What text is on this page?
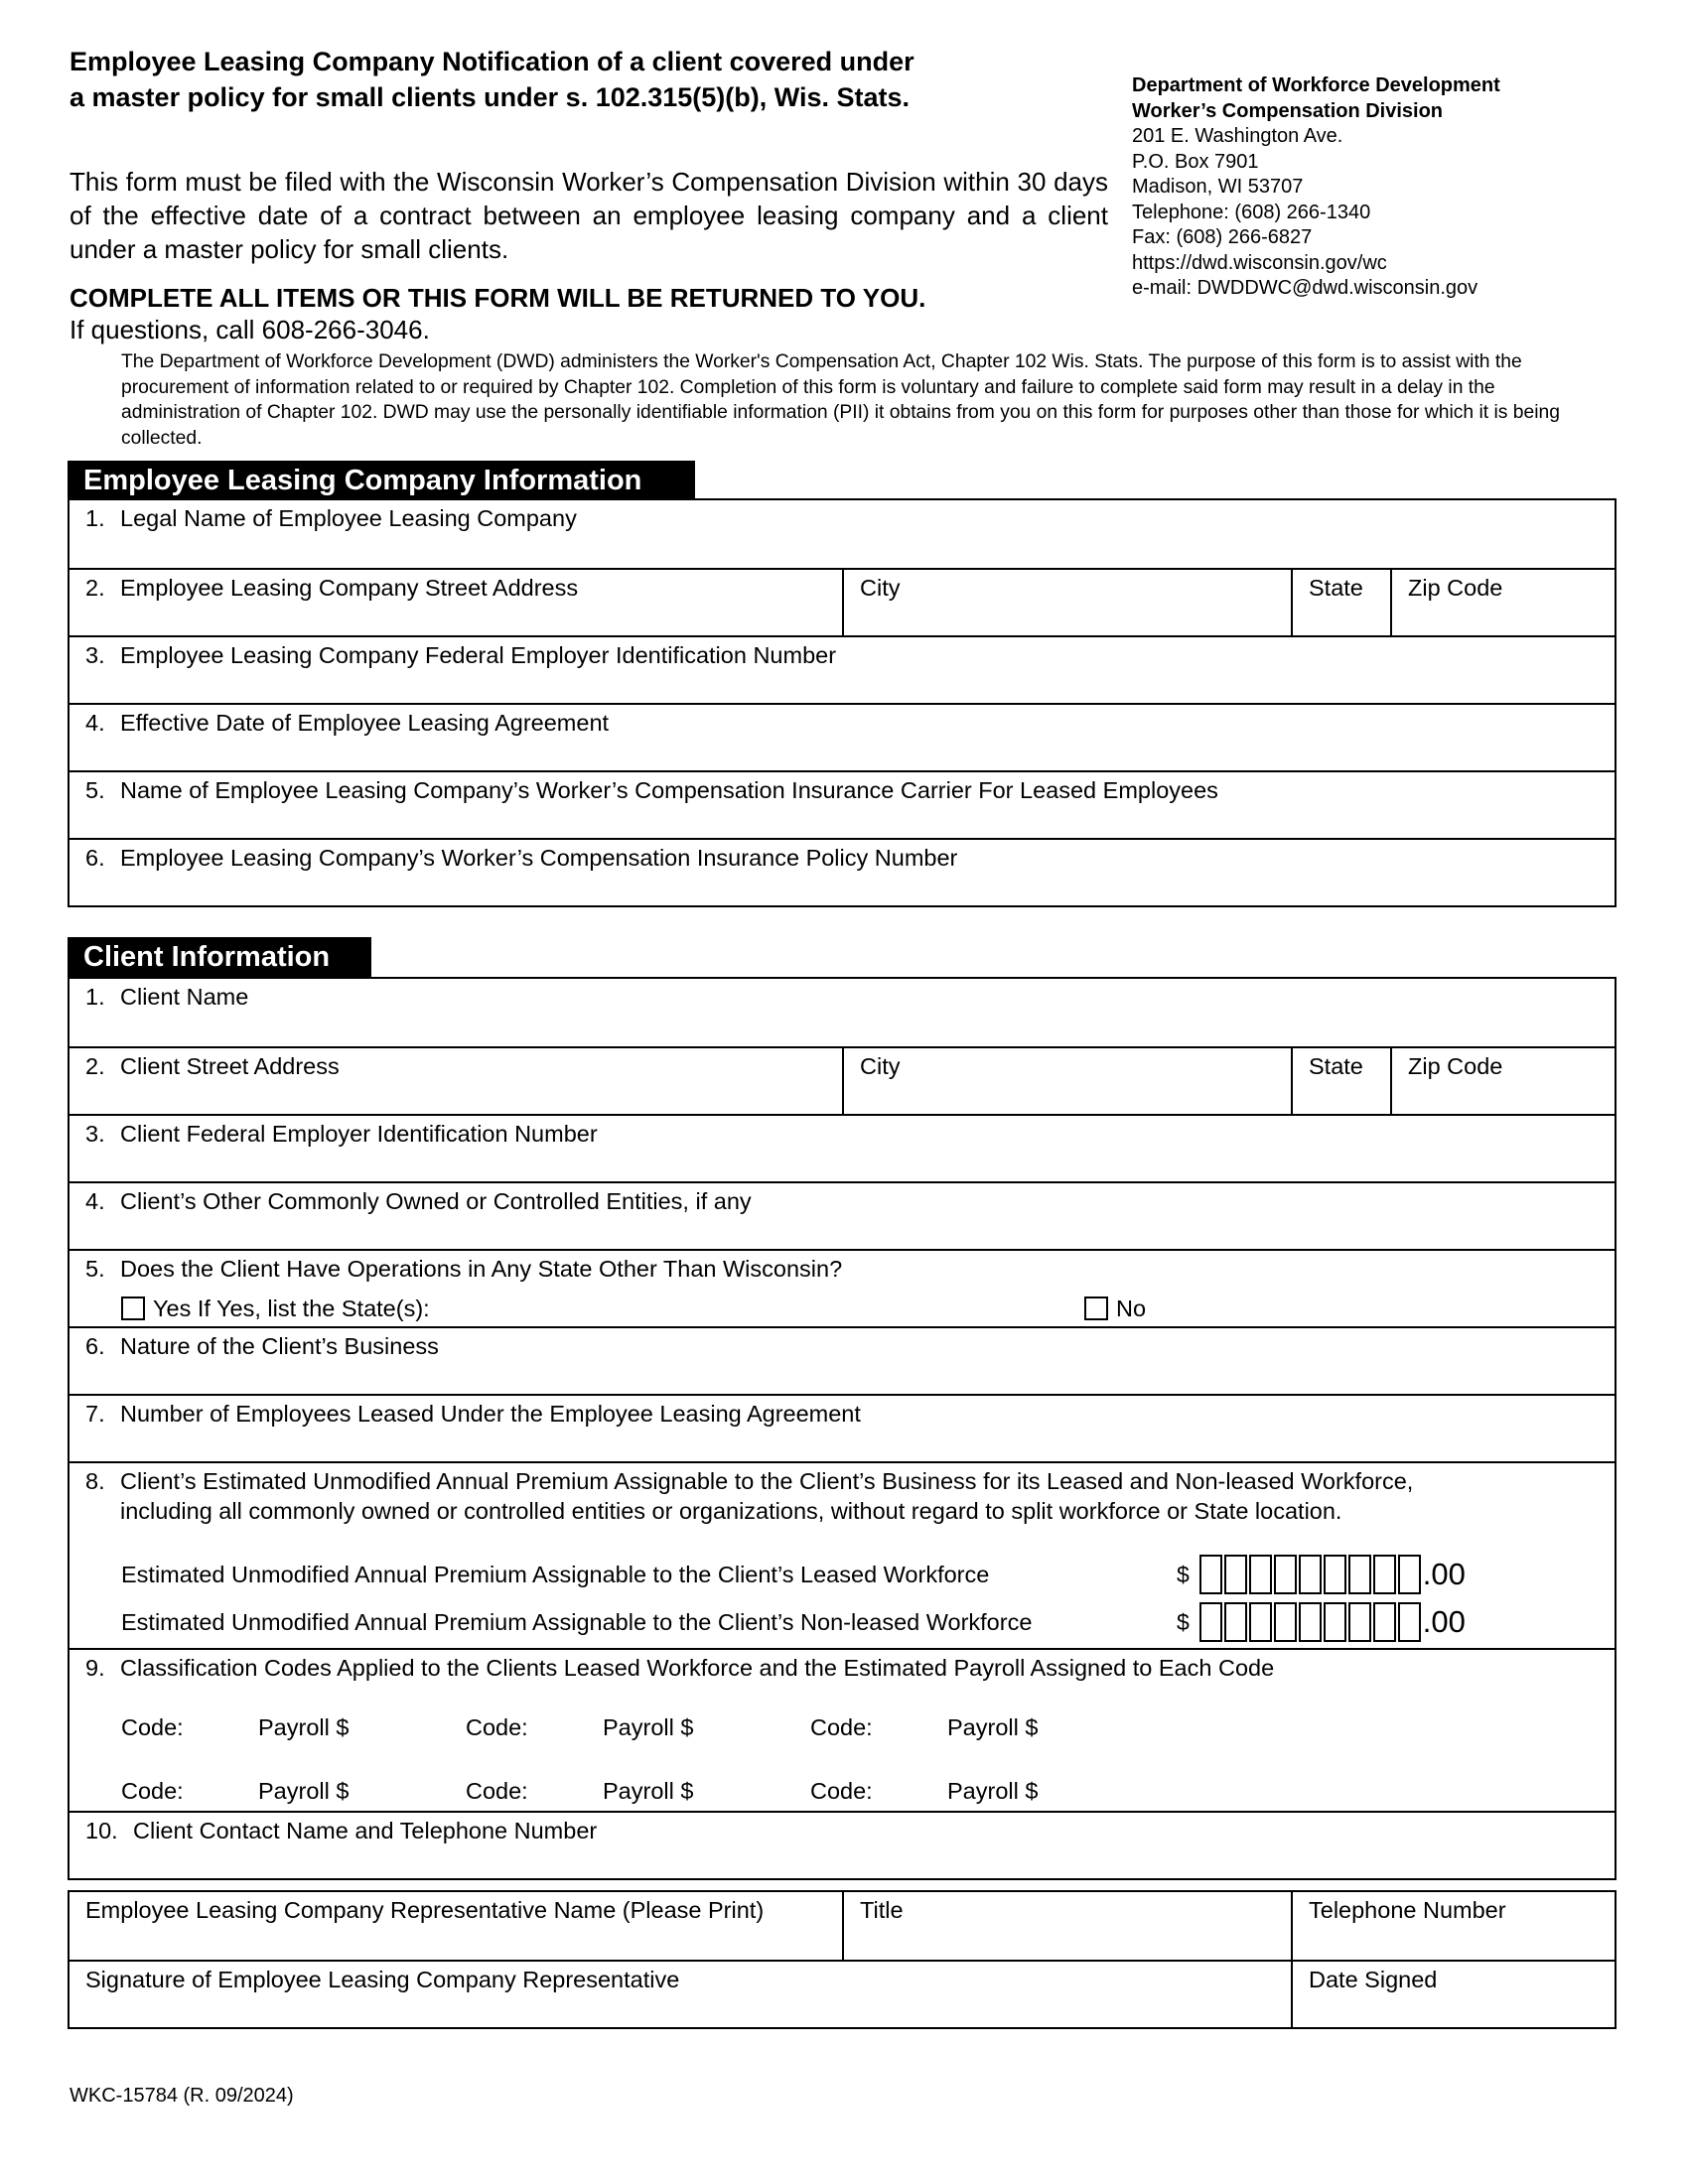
Employee Leasing Company Notification of a client covered under
a master policy for small clients under s. 102.315(5)(b), Wis. Stats.	Department of Workforce Development
Worker’s Compensation Division
201 E. Washington Ave.
P.O. Box 7901
Madison, WI 53707
Telephone: (608) 266-1340
Fax: (608) 266-6827
https://dwd.wisconsin.gov/wc
e-mail: DWDDWC@dwd.wisconsin.gov
This form must be filed with the Wisconsin Worker’s Compensation Division within 30 days of the effective date of a contract between an employee leasing company and a client under a master policy for small clients.
COMPLETE ALL ITEMS OR THIS FORM WILL BE RETURNED TO YOU.
If questions, call 608-266-3046.
The Department of Workforce Development (DWD) administers the Worker's Compensation Act, Chapter 102 Wis. Stats. The purpose of this form is to assist with the procurement of information related to or required by Chapter 102. Completion of this form is voluntary and failure to complete said form may result in a delay in the administration of Chapter 102. DWD may use the personally identifiable information (PII) it obtains from you on this form for purposes other than those for which it is being collected.
Employee Leasing Company Information
1. Legal Name of Employee Leasing Company
2. Employee Leasing Company Street Address	City	State	Zip Code
3. Employee Leasing Company Federal Employer Identification Number
4. Effective Date of Employee Leasing Agreement
5. Name of Employee Leasing Company’s Worker’s Compensation Insurance Carrier For Leased Employees
6. Employee Leasing Company’s Worker’s Compensation Insurance Policy Number
Client Information
1. Client Name
2. Client Street Address	City	State	Zip Code
3. Client Federal Employer Identification Number
4. Client’s Other Commonly Owned or Controlled Entities, if any
5. Does the Client Have Operations in Any State Other Than Wisconsin?
Yes If Yes, list the State(s):	No
6. Nature of the Client’s Business
7. Number of Employees Leased Under the Employee Leasing Agreement
8. Client’s Estimated Unmodified Annual Premium Assignable to the Client’s Business for its Leased and Non-leased Workforce,
including all commonly owned or controlled entities or organizations, without regard to split workforce or State location.
Estimated Unmodified Annual Premium Assignable to the Client’s Leased Workforce	$	.00
Estimated Unmodified Annual Premium Assignable to the Client’s Non-leased Workforce	$	.00
9. Classification Codes Applied to the Clients Leased Workforce and the Estimated Payroll Assigned to Each Code
Code:	Payroll $	Code:	Payroll $	Code:	Payroll $
Code:	Payroll $	Code:	Payroll $	Code:	Payroll $
10. Client Contact Name and Telephone Number
Employee Leasing Company Representative Name (Please Print)	Title	Telephone Number
Signature of Employee Leasing Company Representative	Date Signed
WKC-15784 (R. 09/2024)
